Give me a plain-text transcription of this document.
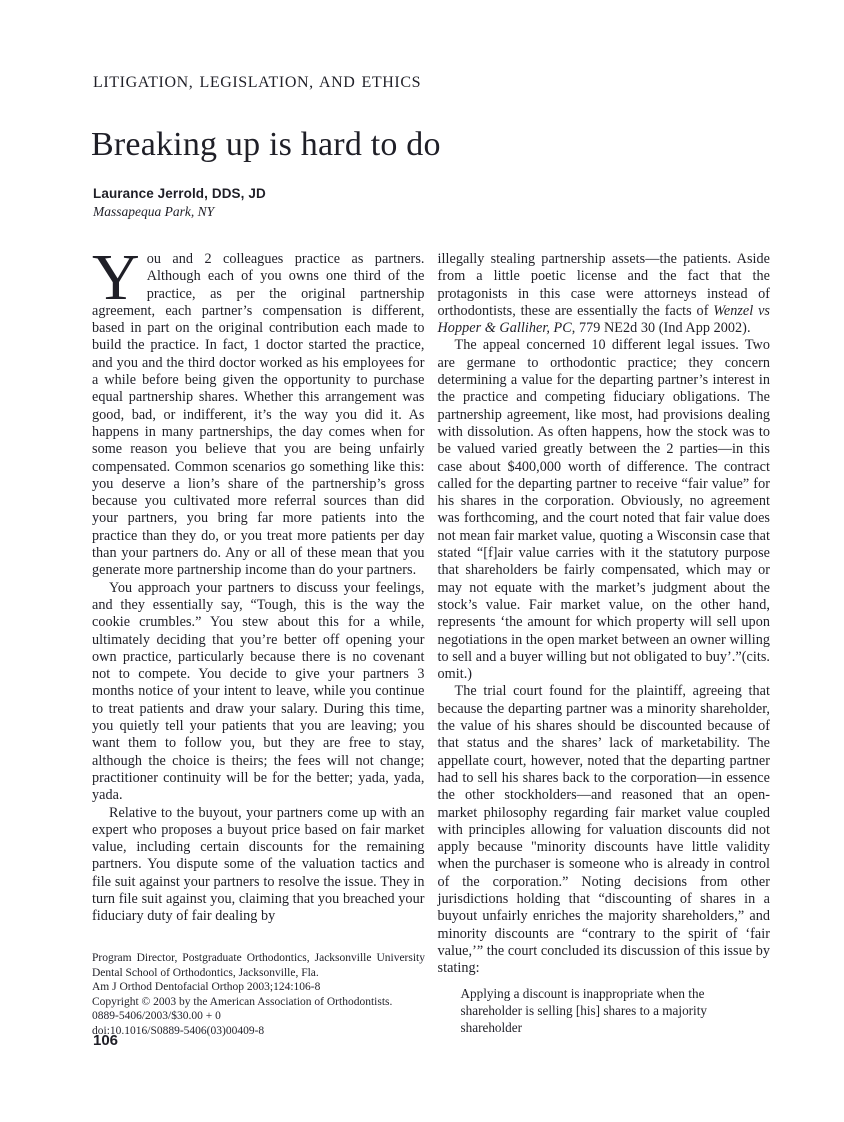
LITIGATION, LEGISLATION, AND ETHICS
Breaking up is hard to do
Laurance Jerrold, DDS, JD
Massapequa Park, NY

You and 2 colleagues practice as partners. Although each of you owns one third of the practice, as per the original partnership agreement, each partner’s compensation is different, based in part on the original contribution each made to build the practice. In fact, 1 doctor started the practice, and you and the third doctor worked as his employees for a while before being given the opportunity to purchase equal partnership shares. Whether this arrangement was good, bad, or indifferent, it’s the way you did it. As happens in many partnerships, the day comes when for some reason you believe that you are being unfairly compensated. Common scenarios go something like this: you deserve a lion’s share of the partnership’s gross because you cultivated more referral sources than did your partners, you bring far more patients into the practice than they do, or you treat more patients per day than your partners do. Any or all of these mean that you generate more partnership income than do your partners.

You approach your partners to discuss your feelings, and they essentially say, “Tough, this is the way the cookie crumbles.” You stew about this for a while, ultimately deciding that you’re better off opening your own practice, particularly because there is no covenant not to compete. You decide to give your partners 3 months notice of your intent to leave, while you continue to treat patients and draw your salary. During this time, you quietly tell your patients that you are leaving; you want them to follow you, but they are free to stay, although the choice is theirs; the fees will not change; practitioner continuity will be for the better; yada, yada, yada.

Relative to the buyout, your partners come up with an expert who proposes a buyout price based on fair market value, including certain discounts for the remaining partners. You dispute some of the valuation tactics and file suit against your partners to resolve the issue. They in turn file suit against you, claiming that you breached your fiduciary duty of fair dealing by

illegally stealing partnership assets—the patients. Aside from a little poetic license and the fact that the protagonists in this case were attorneys instead of orthodontists, these are essentially the facts of Wenzel vs Hopper & Galliher, PC, 779 NE2d 30 (Ind App 2002).

The appeal concerned 10 different legal issues. Two are germane to orthodontic practice; they concern determining a value for the departing partner’s interest in the practice and competing fiduciary obligations. The partnership agreement, like most, had provisions dealing with dissolution. As often happens, how the stock was to be valued varied greatly between the 2 parties—in this case about $400,000 worth of difference. The contract called for the departing partner to receive “fair value” for his shares in the corporation. Obviously, no agreement was forthcoming, and the court noted that fair value does not mean fair market value, quoting a Wisconsin case that stated “[f]air value carries with it the statutory purpose that shareholders be fairly compensated, which may or may not equate with the market’s judgment about the stock’s value. Fair market value, on the other hand, represents ‘the amount for which property will sell upon negotiations in the open market between an owner willing to sell and a buyer willing but not obligated to buy’.”(cits. omit.)

The trial court found for the plaintiff, agreeing that because the departing partner was a minority shareholder, the value of his shares should be discounted because of that status and the shares’ lack of marketability. The appellate court, however, noted that the departing partner had to sell his shares back to the corporation—in essence the other stockholders—and reasoned that an open-market philosophy regarding fair market value coupled with principles allowing for valuation discounts did not apply because "minority discounts have little validity when the purchaser is someone who is already in control of the corporation.” Noting decisions from other jurisdictions holding that “discounting of shares in a buyout unfairly enriches the majority shareholders,” and minority discounts are “contrary to the spirit of ‘fair value,’” the court concluded its discussion of this issue by stating:

Applying a discount is inappropriate when the shareholder is selling [his] shares to a majority shareholder

Program Director, Postgraduate Orthodontics, Jacksonville University Dental School of Orthodontics, Jacksonville, Fla.

Am J Orthod Dentofacial Orthop 2003;124:106-8

Copyright © 2003 by the American Association of Orthodontists.

0889-5406/2003/$30.00 + 0

doi:10.1016/S0889-5406(03)00409-8

106
